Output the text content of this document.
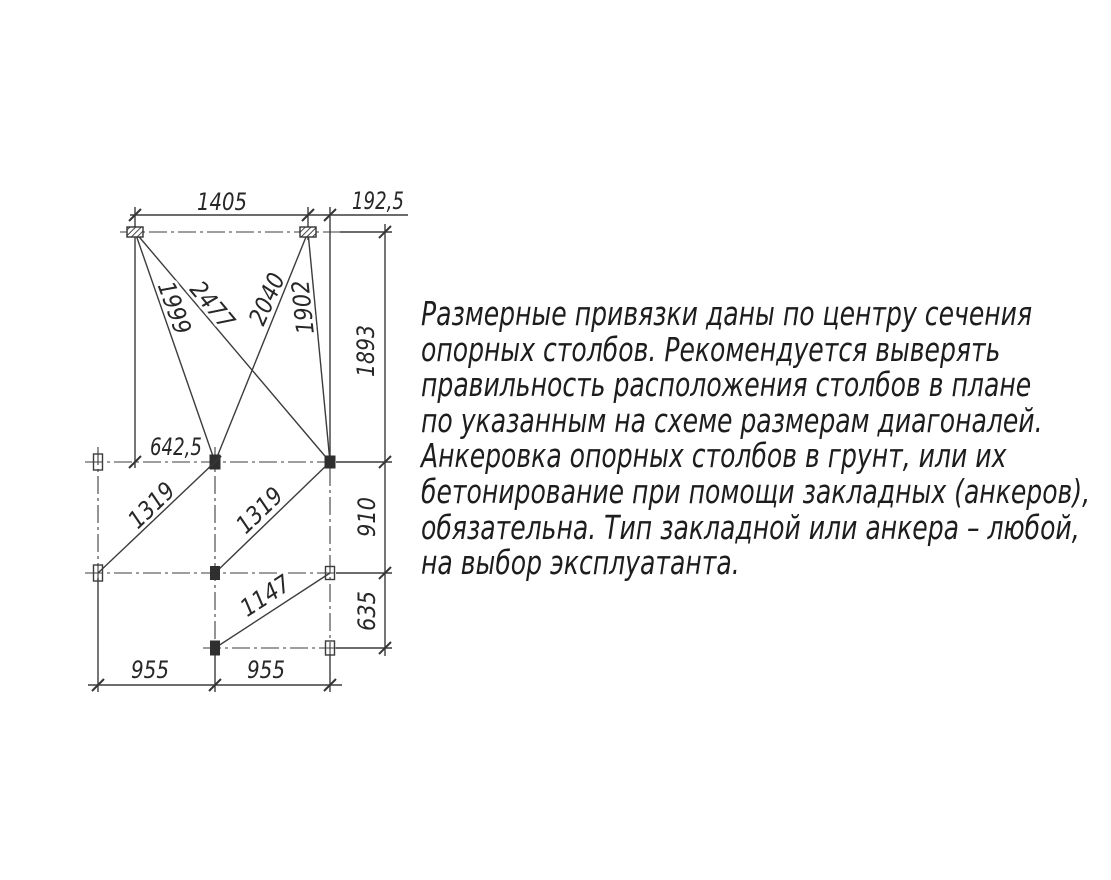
1405	192,5
642,5
955	955
1893
910
635
1999
2477
2040
1902
1319 1319
1147
Размерные привязки даны по центру сечения
опорных столбов. Рекомендуется выверять
правильность расположения столбов в плане
по указанным на схеме размерам диагоналей.
Анкеровка опорных столбов в грунт, или их
бетонирование при помощи закладных (анкеров),
обязательна. Тип закладной или анкера – любой,
на выбор эксплуатанта.
